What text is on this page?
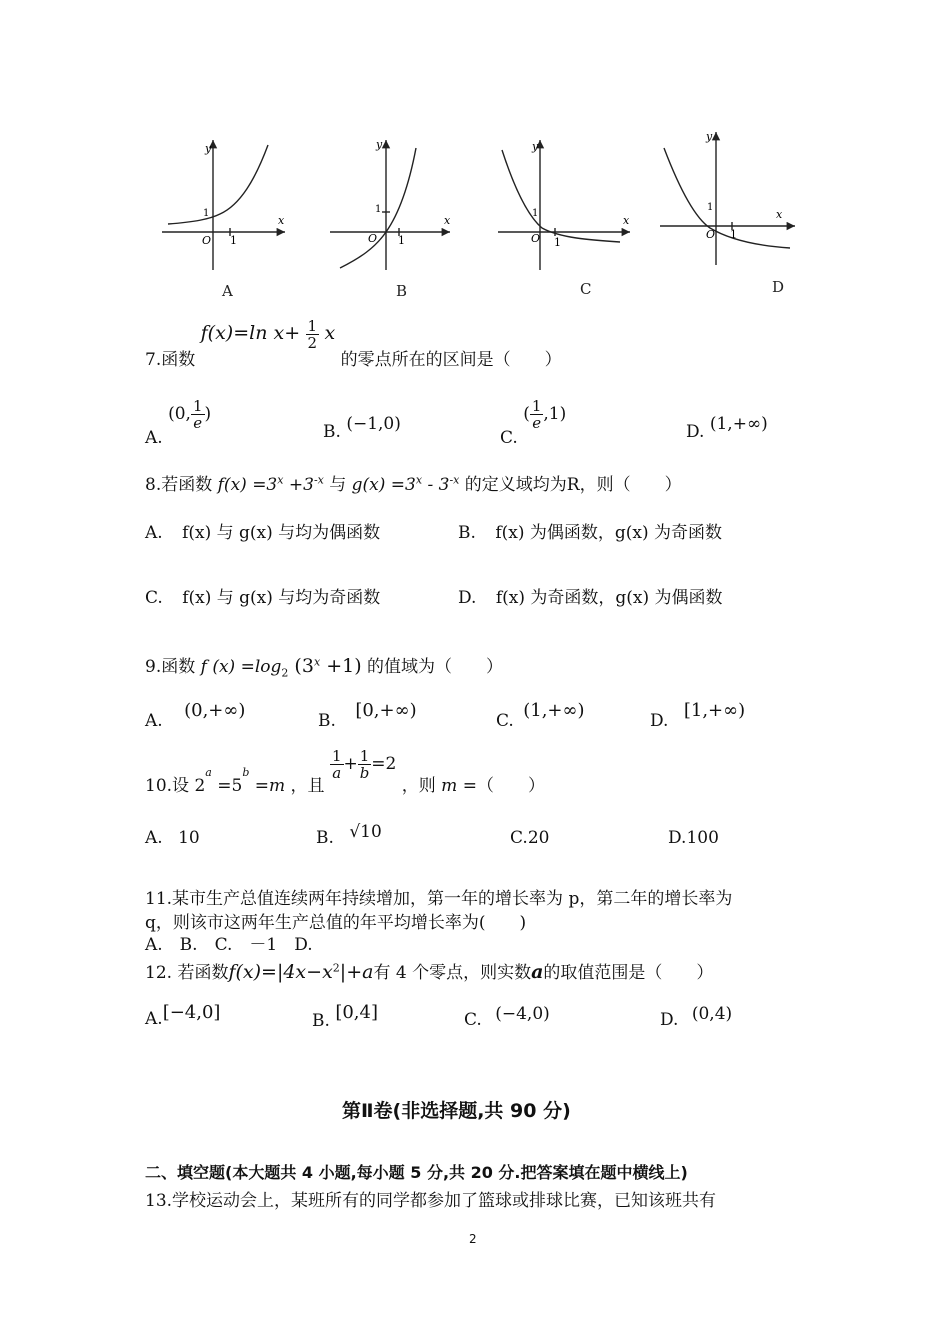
y
x
O 1
1
y
x
O 1
1
y
x
O 1
1
y
x
O 1
1
A	B	C	D
7.函数 f(x)=ln $x+ \frac{1}{2}$ x 的零点所在的区间是（　　）
A. (0, $\frac{1}{e}$ )
B. (−1,0)
C. ( $\frac{1}{e} ,1$)
D. (1,+∞)
8.若函数 $f(x) =3^x +3^{-x}$ 与 $g(x) =3^x - 3^{-x}$ 的定义域均为R，则（　　）
A. f(x) 与 g(x) 与均为偶函数	B. f(x) 为偶函数，g(x) 为奇函数
C. f(x) 与 g(x) 与均为奇函数	D. f(x) 为奇函数，g(x) 为偶函数
9.函数 f $(x) =\log_2$ $(3^x +1)$ 的值域为（　　）
A. (0,+∞)	B. [0,+∞)	C. (1,+∞)	D. [1,+∞)
10.设 2a =5b =m ，且
$\frac{1}{a} + \frac{1}{b} =2$ ，则 m =（　　）
A. 10	B. √10	C.20	D.100
11.某市生产总值连续两年持续增加，第一年的增长率为 p，第二年的增长率为
q，则该市这两年生产总值的年平均增长率为(　　)
A.　B.　C.　－1　D.
12. 若函数$f(x)=|4x-x^2|+a$有 4 个零点，则实数a的取值范围是（　　）
A.[−4,0]	B. [0,4]	C. (−4,0)	D. (0,4)
第Ⅱ卷(非选择题,共 90 分)
二、填空题(本大题共 4 小题,每小题 5 分,共 20 分.把答案填在题中横线上)
13.学校运动会上，某班所有的同学都参加了篮球或排球比赛，已知该班共有
2
